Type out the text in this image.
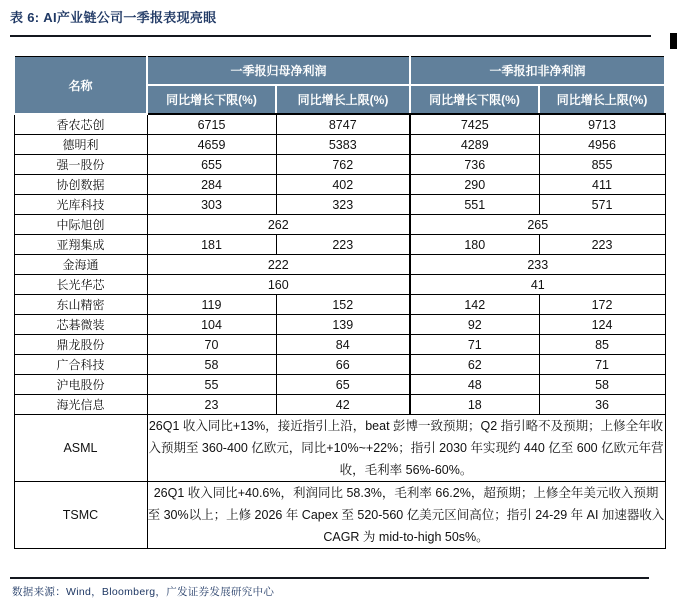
表 6: AI产业链公司一季报表现亮眼
名称	一季报归母净利润		一季报扣非净利润	
	同比增长下限(%)	同比增长上限(%)	同比增长下限(%)	同比增长上限(%)
香农芯创	6715	8747	7425	9713
德明利	4659	5383	4289	4956
强一股份	655	762	736	855
协创数据	284	402	290	411
光库科技	303	323	551	571
中际旭创	262		265	
亚翔集成	181	223	180	223
金海通	222		233	
长光华芯	160		41	
东山精密	119	152	142	172
芯碁微装	104	139	92	124
鼎龙股份	70	84	71	85
广合科技	58	66	62	71
沪电股份	55	65	48	58
海光信息	23	42	18	36
ASML	26Q1 收入同比+13%，接近指引上沿，beat 彭博一致预期；Q2 指引略不及预期；上修全年收入预期至 360-400 亿欧元，同比+10%~+22%；指引 2030 年实现约 440 亿至 600 亿欧元年营收，毛利率 56%-60%。			
TSMC	26Q1 收入同比+40.6%，利润同比 58.3%，毛利率 66.2%，超预期；上修全年美元收入预期至 30%以上；上修 2026 年 Capex 至 520-560 亿美元区间高位；指引 24-29 年 AI 加速器收入 CAGR 为 mid-to-high 50s%。			
数据来源：Wind，Bloomberg，广发证券发展研究中心
